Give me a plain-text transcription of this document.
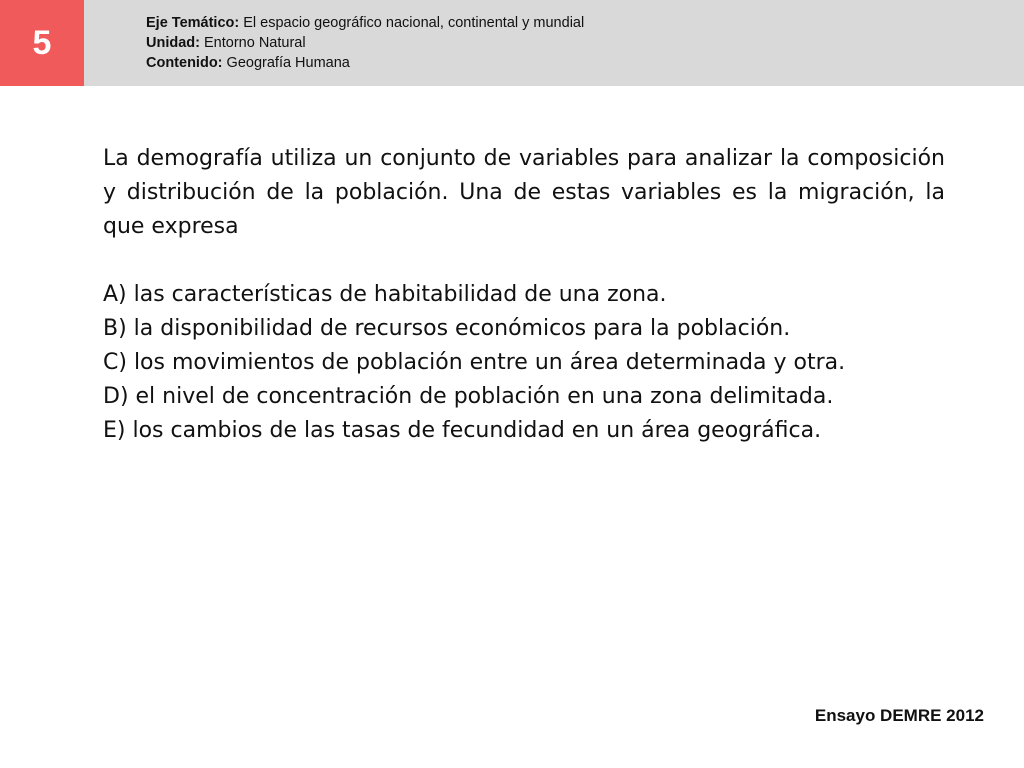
5
Eje Temático: El espacio geográfico nacional, continental y mundial
Unidad: Entorno Natural
Contenido: Geografía Humana

La demografía utiliza un conjunto de variables para analizar la composición y distribución de la población. Una de estas variables es la migración, la que expresa

A) las características de habitabilidad de una zona.
B) la disponibilidad de recursos económicos para la población.
C) los movimientos de población entre un área determinada y otra.
D) el nivel de concentración de población en una zona delimitada.
E) los cambios de las tasas de fecundidad en un área geográfica.
Ensayo DEMRE 2012
